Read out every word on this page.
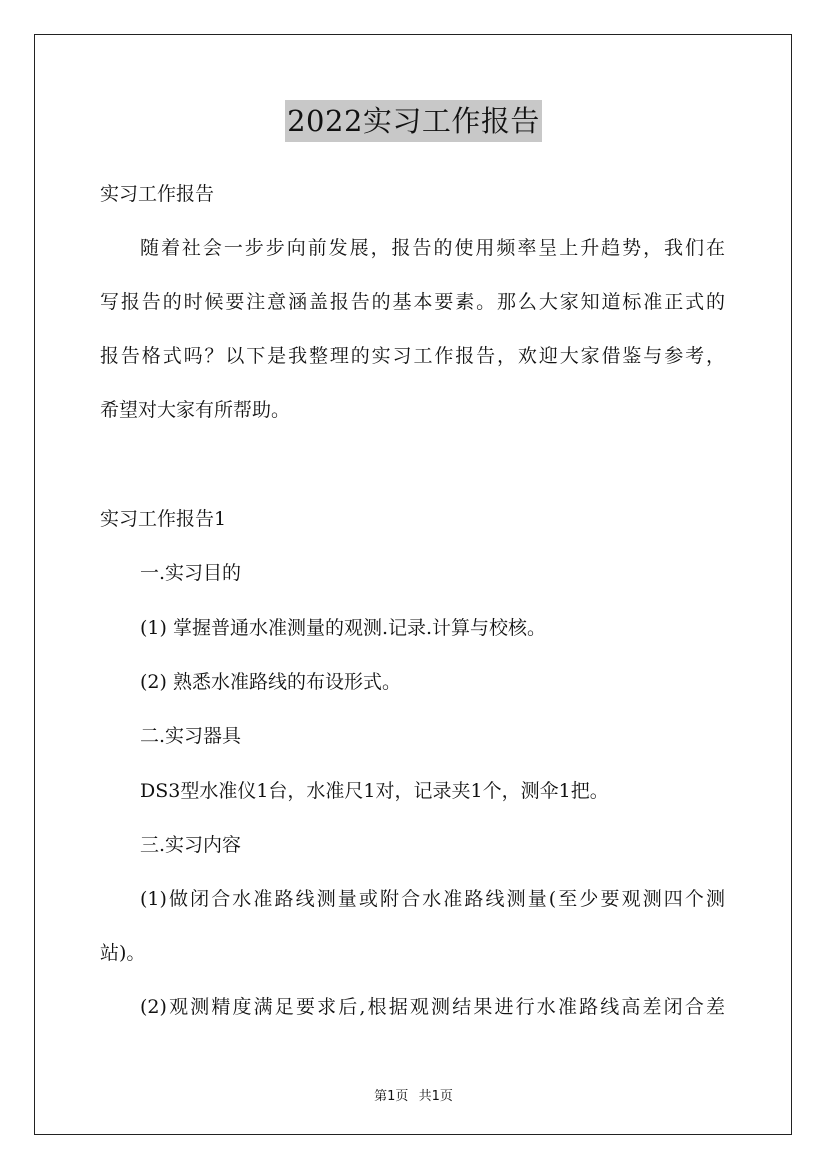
2022实习工作报告
实习工作报告
随着社会一步步向前发展，报告的使用频率呈上升趋势，我们在
写报告的时候要注意涵盖报告的基本要素。那么大家知道标准正式的
报告格式吗？以下是我整理的实习工作报告，欢迎大家借鉴与参考，
希望对大家有所帮助。
实习工作报告1
一.实习目的
(1) 掌握普通水准测量的观测.记录.计算与校核。
(2) 熟悉水准路线的布设形式。
二.实习器具
DS3型水准仪1台，水准尺1对，记录夹1个，测伞1把。
三.实习内容
(1)做闭合水准路线测量或附合水准路线测量(至少要观测四个测
站)。
(2)观测精度满足要求后,根据观测结果进行水准路线高差闭合差
第1页 共1页
